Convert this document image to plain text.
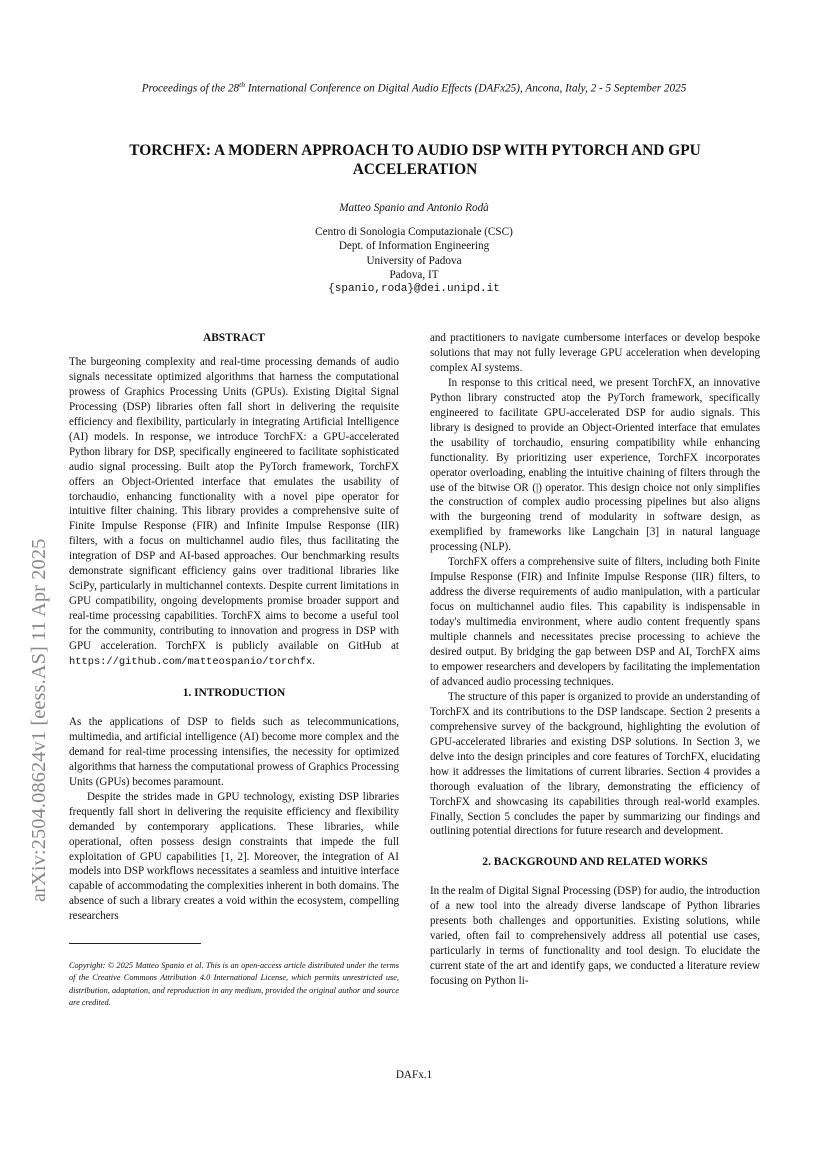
Proceedings of the 28th International Conference on Digital Audio Effects (DAFx25), Ancona, Italy, 2 - 5 September 2025
arXiv:2504.08624v1 [eess.AS] 11 Apr 2025
TORCHFX: A MODERN APPROACH TO AUDIO DSP WITH PYTORCH AND GPU ACCELERATION
Matteo Spanio and Antonio Rodà
Centro di Sonologia Computazionale (CSC)
Dept. of Information Engineering
University of Padova
Padova, IT
{spanio,roda}@dei.unipd.it
ABSTRACT

The burgeoning complexity and real-time processing demands of audio signals necessitate optimized algorithms that harness the computational prowess of Graphics Processing Units (GPUs). Existing Digital Signal Processing (DSP) libraries often fall short in delivering the requisite efficiency and flexibility, particularly in integrating Artificial Intelligence (AI) models. In response, we introduce TorchFX: a GPU-accelerated Python library for DSP, specifically engineered to facilitate sophisticated audio signal processing. Built atop the PyTorch framework, TorchFX offers an Object-Oriented interface that emulates the usability of torchaudio, enhancing functionality with a novel pipe operator for intuitive filter chaining. This library provides a comprehensive suite of Finite Impulse Response (FIR) and Infinite Impulse Response (IIR) filters, with a focus on multichannel audio files, thus facilitating the integration of DSP and AI-based approaches. Our benchmarking results demonstrate significant efficiency gains over traditional libraries like SciPy, particularly in multichannel contexts. Despite current limitations in GPU compatibility, ongoing developments promise broader support and real-time processing capabilities. TorchFX aims to become a useful tool for the community, contributing to innovation and progress in DSP with GPU acceleration. TorchFX is publicly available on GitHub at https://github.com/matteospanio/torchfx.

1. INTRODUCTION

As the applications of DSP to fields such as telecommunications, multimedia, and artificial intelligence (AI) become more complex and the demand for real-time processing intensifies, the necessity for optimized algorithms that harness the computational prowess of Graphics Processing Units (GPUs) becomes paramount.

Despite the strides made in GPU technology, existing DSP libraries frequently fall short in delivering the requisite efficiency and flexibility demanded by contemporary applications. These libraries, while operational, often possess design constraints that impede the full exploitation of GPU capabilities [1, 2]. Moreover, the integration of AI models into DSP workflows necessitates a seamless and intuitive interface capable of accommodating the complexities inherent in both domains. The absence of such a library creates a void within the ecosystem, compelling researchers

Copyright: © 2025 Matteo Spanio et al. This is an open-access article distributed under the terms of the Creative Commons Attribution 4.0 International License, which permits unrestricted use, distribution, adaptation, and reproduction in any medium, provided the original author and source are credited.

and practitioners to navigate cumbersome interfaces or develop bespoke solutions that may not fully leverage GPU acceleration when developing complex AI systems.

In response to this critical need, we present TorchFX, an innovative Python library constructed atop the PyTorch framework, specifically engineered to facilitate GPU-accelerated DSP for audio signals. This library is designed to provide an Object-Oriented interface that emulates the usability of torchaudio, ensuring compatibility while enhancing functionality. By prioritizing user experience, TorchFX incorporates operator overloading, enabling the intuitive chaining of filters through the use of the bitwise OR (|) operator. This design choice not only simplifies the construction of complex audio processing pipelines but also aligns with the burgeoning trend of modularity in software design, as exemplified by frameworks like Langchain [3] in natural language processing (NLP).

TorchFX offers a comprehensive suite of filters, including both Finite Impulse Response (FIR) and Infinite Impulse Response (IIR) filters, to address the diverse requirements of audio manipulation, with a particular focus on multichannel audio files. This capability is indispensable in today's multimedia environment, where audio content frequently spans multiple channels and necessitates precise processing to achieve the desired output. By bridging the gap between DSP and AI, TorchFX aims to empower researchers and developers by facilitating the implementation of advanced audio processing techniques.

The structure of this paper is organized to provide an understanding of TorchFX and its contributions to the DSP landscape. Section 2 presents a comprehensive survey of the background, highlighting the evolution of GPU-accelerated libraries and existing DSP solutions. In Section 3, we delve into the design principles and core features of TorchFX, elucidating how it addresses the limitations of current libraries. Section 4 provides a thorough evaluation of the library, demonstrating the efficiency of TorchFX and showcasing its capabilities through real-world examples. Finally, Section 5 concludes the paper by summarizing our findings and outlining potential directions for future research and development.

2. BACKGROUND AND RELATED WORKS

In the realm of Digital Signal Processing (DSP) for audio, the introduction of a new tool into the already diverse landscape of Python libraries presents both challenges and opportunities. Existing solutions, while varied, often fail to comprehensively address all potential use cases, particularly in terms of functionality and tool design. To elucidate the current state of the art and identify gaps, we conducted a literature review focusing on Python li-

DAFx.1
